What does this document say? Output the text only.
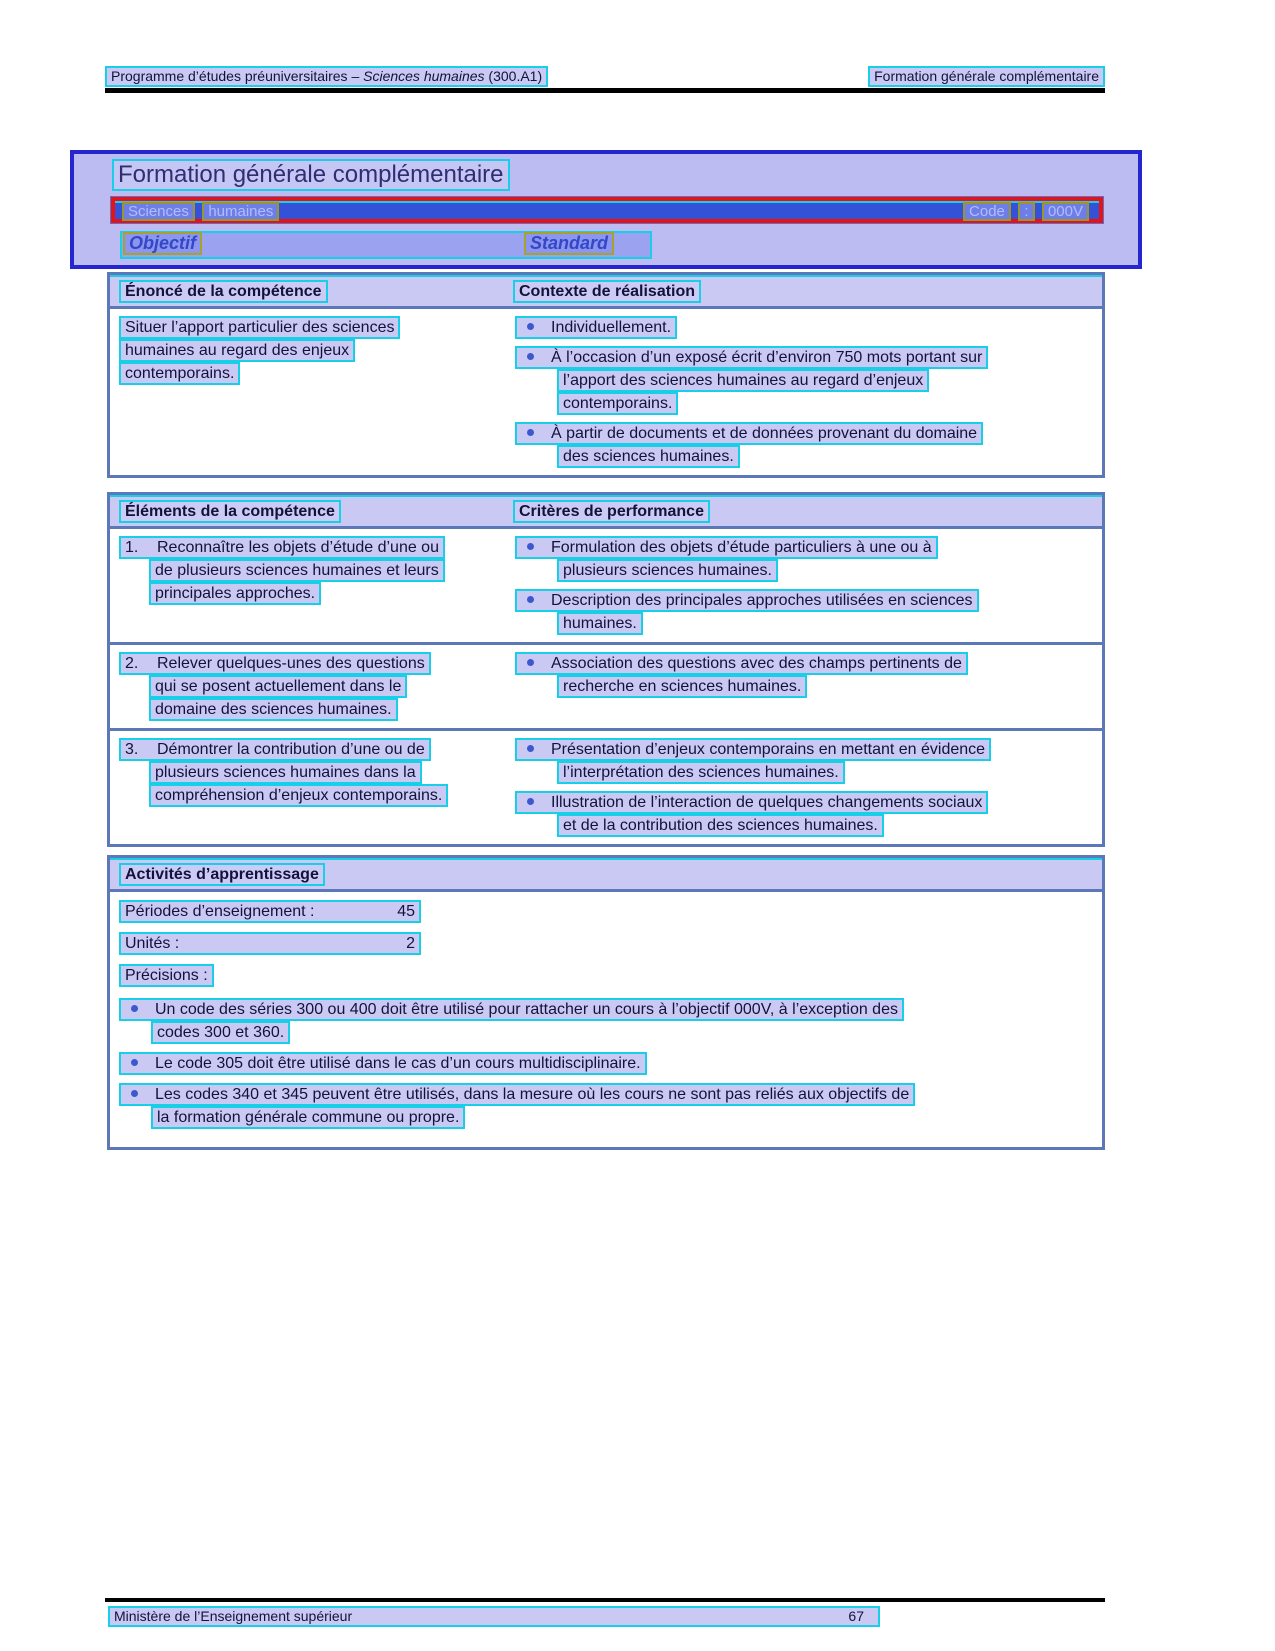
Programme d’études préuniversitaires – Sciences humaines (300.A1)	Formation générale complémentaire
Formation générale complémentaire
Sciences humaines	Code : 000V
Objectif	Standard
Énoncé de la compétence	Contexte de réalisation
Situer l’apport particulier des sciences
humaines au regard des enjeux
contemporains.
Individuellement.
À l’occasion d’un exposé écrit d’environ 750 mots portant sur
l’apport des sciences humaines au regard d’enjeux
contemporains.
À partir de documents et de données provenant du domaine
des sciences humaines.
Éléments de la compétence	Critères de performance
1. Reconnaître les objets d’étude d’une ou
de plusieurs sciences humaines et leurs
principales approches.
Formulation des objets d’étude particuliers à une ou à
plusieurs sciences humaines.
Description des principales approches utilisées en sciences
humaines.
2. Relever quelques-unes des questions
qui se posent actuellement dans le
domaine des sciences humaines.
Association des questions avec des champs pertinents de
recherche en sciences humaines.
3. Démontrer la contribution d’une ou de
plusieurs sciences humaines dans la
compréhension d’enjeux contemporains.
Présentation d’enjeux contemporains en mettant en évidence
l’interprétation des sciences humaines.
Illustration de l’interaction de quelques changements sociaux
et de la contribution des sciences humaines.
Activités d’apprentissage
Périodes d’enseignement :	45
Unités :	2
Précisions :
Un code des séries 300 ou 400 doit être utilisé pour rattacher un cours à l’objectif 000V, à l’exception des
codes 300 et 360.
Le code 305 doit être utilisé dans le cas d’un cours multidisciplinaire.
Les codes 340 et 345 peuvent être utilisés, dans la mesure où les cours ne sont pas reliés aux objectifs de
la formation générale commune ou propre.
Ministère de l’Enseignement supérieur	67
